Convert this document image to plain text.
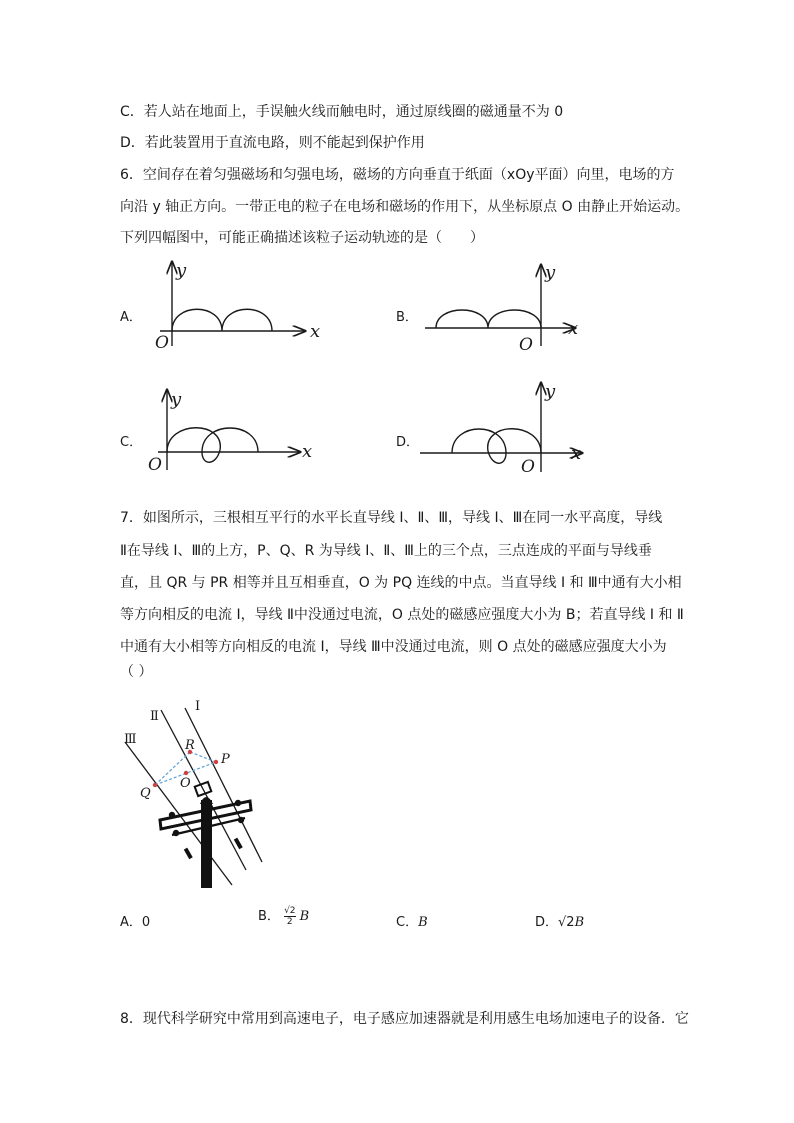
C．若人站在地面上，手误触火线而触电时，通过原线圈的磁通量不为 0
D．若此装置用于直流电路，则不能起到保护作用
6．空间存在着匀强磁场和匀强电场，磁场的方向垂直于纸面（xOy平面）向里，电场的方
向沿 y 轴正方向。一带正电的粒子在电场和磁场的作用下，从坐标原点 O 由静止开始运动。
下列四幅图中，可能正确描述该粒子运动轨迹的是（　　）
A．	B．
C．	D．
x
y
O
x
y
O
x
y
O
x
y
O
7．如图所示，三根相互平行的水平长直导线 Ⅰ、Ⅱ、Ⅲ，导线 Ⅰ、Ⅲ在同一水平高度，导线
Ⅱ在导线 Ⅰ、Ⅲ的上方，P、Q、R 为导线 Ⅰ、Ⅱ、Ⅲ上的三个点，三点连成的平面与导线垂
直，且 QR 与 PR 相等并且互相垂直，O 为 PQ 连线的中点。当直导线 Ⅰ 和 Ⅲ中通有大小相
等方向相反的电流 I，导线 Ⅱ中没通过电流，O 点处的磁感应强度大小为 B；若直导线 Ⅰ 和 Ⅱ
中通有大小相等方向相反的电流 I，导线 Ⅲ中没通过电流，则 O 点处的磁感应强度大小为
（ ）
Ⅰ
Ⅱ
Ⅲ	R
P
Q
O
A．0	B． $\frac{√2}{2}$ B	C．B	D．√2B
8．现代科学研究中常用到高速电子，电子感应加速器就是利用感生电场加速电子的设备．它
